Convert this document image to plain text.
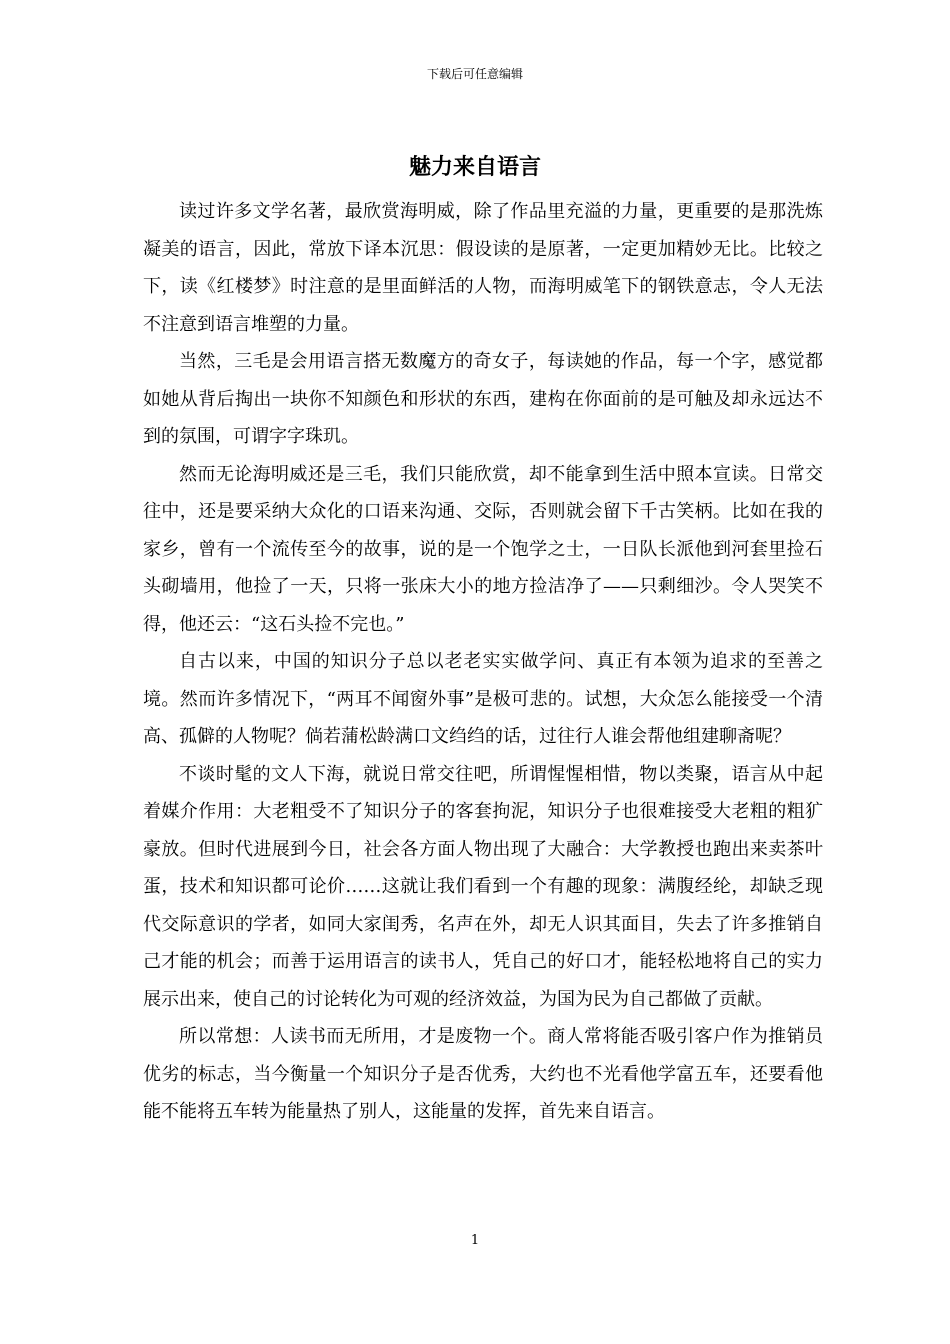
下载后可任意编辑
魅力来自语言

读过许多文学名著，最欣赏海明威，除了作品里充溢的力量，更重要的是那洗炼凝美的语言，因此，常放下译本沉思：假设读的是原著，一定更加精妙无比。比较之下，读《红楼梦》时注意的是里面鲜活的人物，而海明威笔下的钢铁意志，令人无法不注意到语言堆塑的力量。

当然，三毛是会用语言搭无数魔方的奇女子，每读她的作品，每一个字，感觉都如她从背后掏出一块你不知颜色和形状的东西，建构在你面前的是可触及却永远达不到的氛围，可谓字字珠玑。

然而无论海明威还是三毛，我们只能欣赏，却不能拿到生活中照本宣读。日常交往中，还是要采纳大众化的口语来沟通、交际，否则就会留下千古笑柄。比如在我的家乡，曾有一个流传至今的故事，说的是一个饱学之士，一日队长派他到河套里捡石头砌墙用，他捡了一天，只将一张床大小的地方捡洁净了——只剩细沙。令人哭笑不得，他还云：“这石头捡不完也。”

自古以来，中国的知识分子总以老老实实做学问、真正有本领为追求的至善之境。然而许多情况下，“两耳不闻窗外事”是极可悲的。试想，大众怎么能接受一个清高、孤僻的人物呢？倘若蒲松龄满口文绉绉的话，过往行人谁会帮他组建聊斋呢？

不谈时髦的文人下海，就说日常交往吧，所谓惺惺相惜，物以类聚，语言从中起着媒介作用：大老粗受不了知识分子的客套拘泥，知识分子也很难接受大老粗的粗犷豪放。但时代进展到今日，社会各方面人物出现了大融合：大学教授也跑出来卖茶叶蛋，技术和知识都可论价……这就让我们看到一个有趣的现象：满腹经纶，却缺乏现代交际意识的学者，如同大家闺秀，名声在外，却无人识其面目，失去了许多推销自己才能的机会；而善于运用语言的读书人，凭自己的好口才，能轻松地将自己的实力展示出来，使自己的讨论转化为可观的经济效益，为国为民为自己都做了贡献。

所以常想：人读书而无所用，才是废物一个。商人常将能否吸引客户作为推销员优劣的标志，当今衡量一个知识分子是否优秀，大约也不光看他学富五车，还要看他能不能将五车转为能量热了别人，这能量的发挥，首先来自语言。

1
